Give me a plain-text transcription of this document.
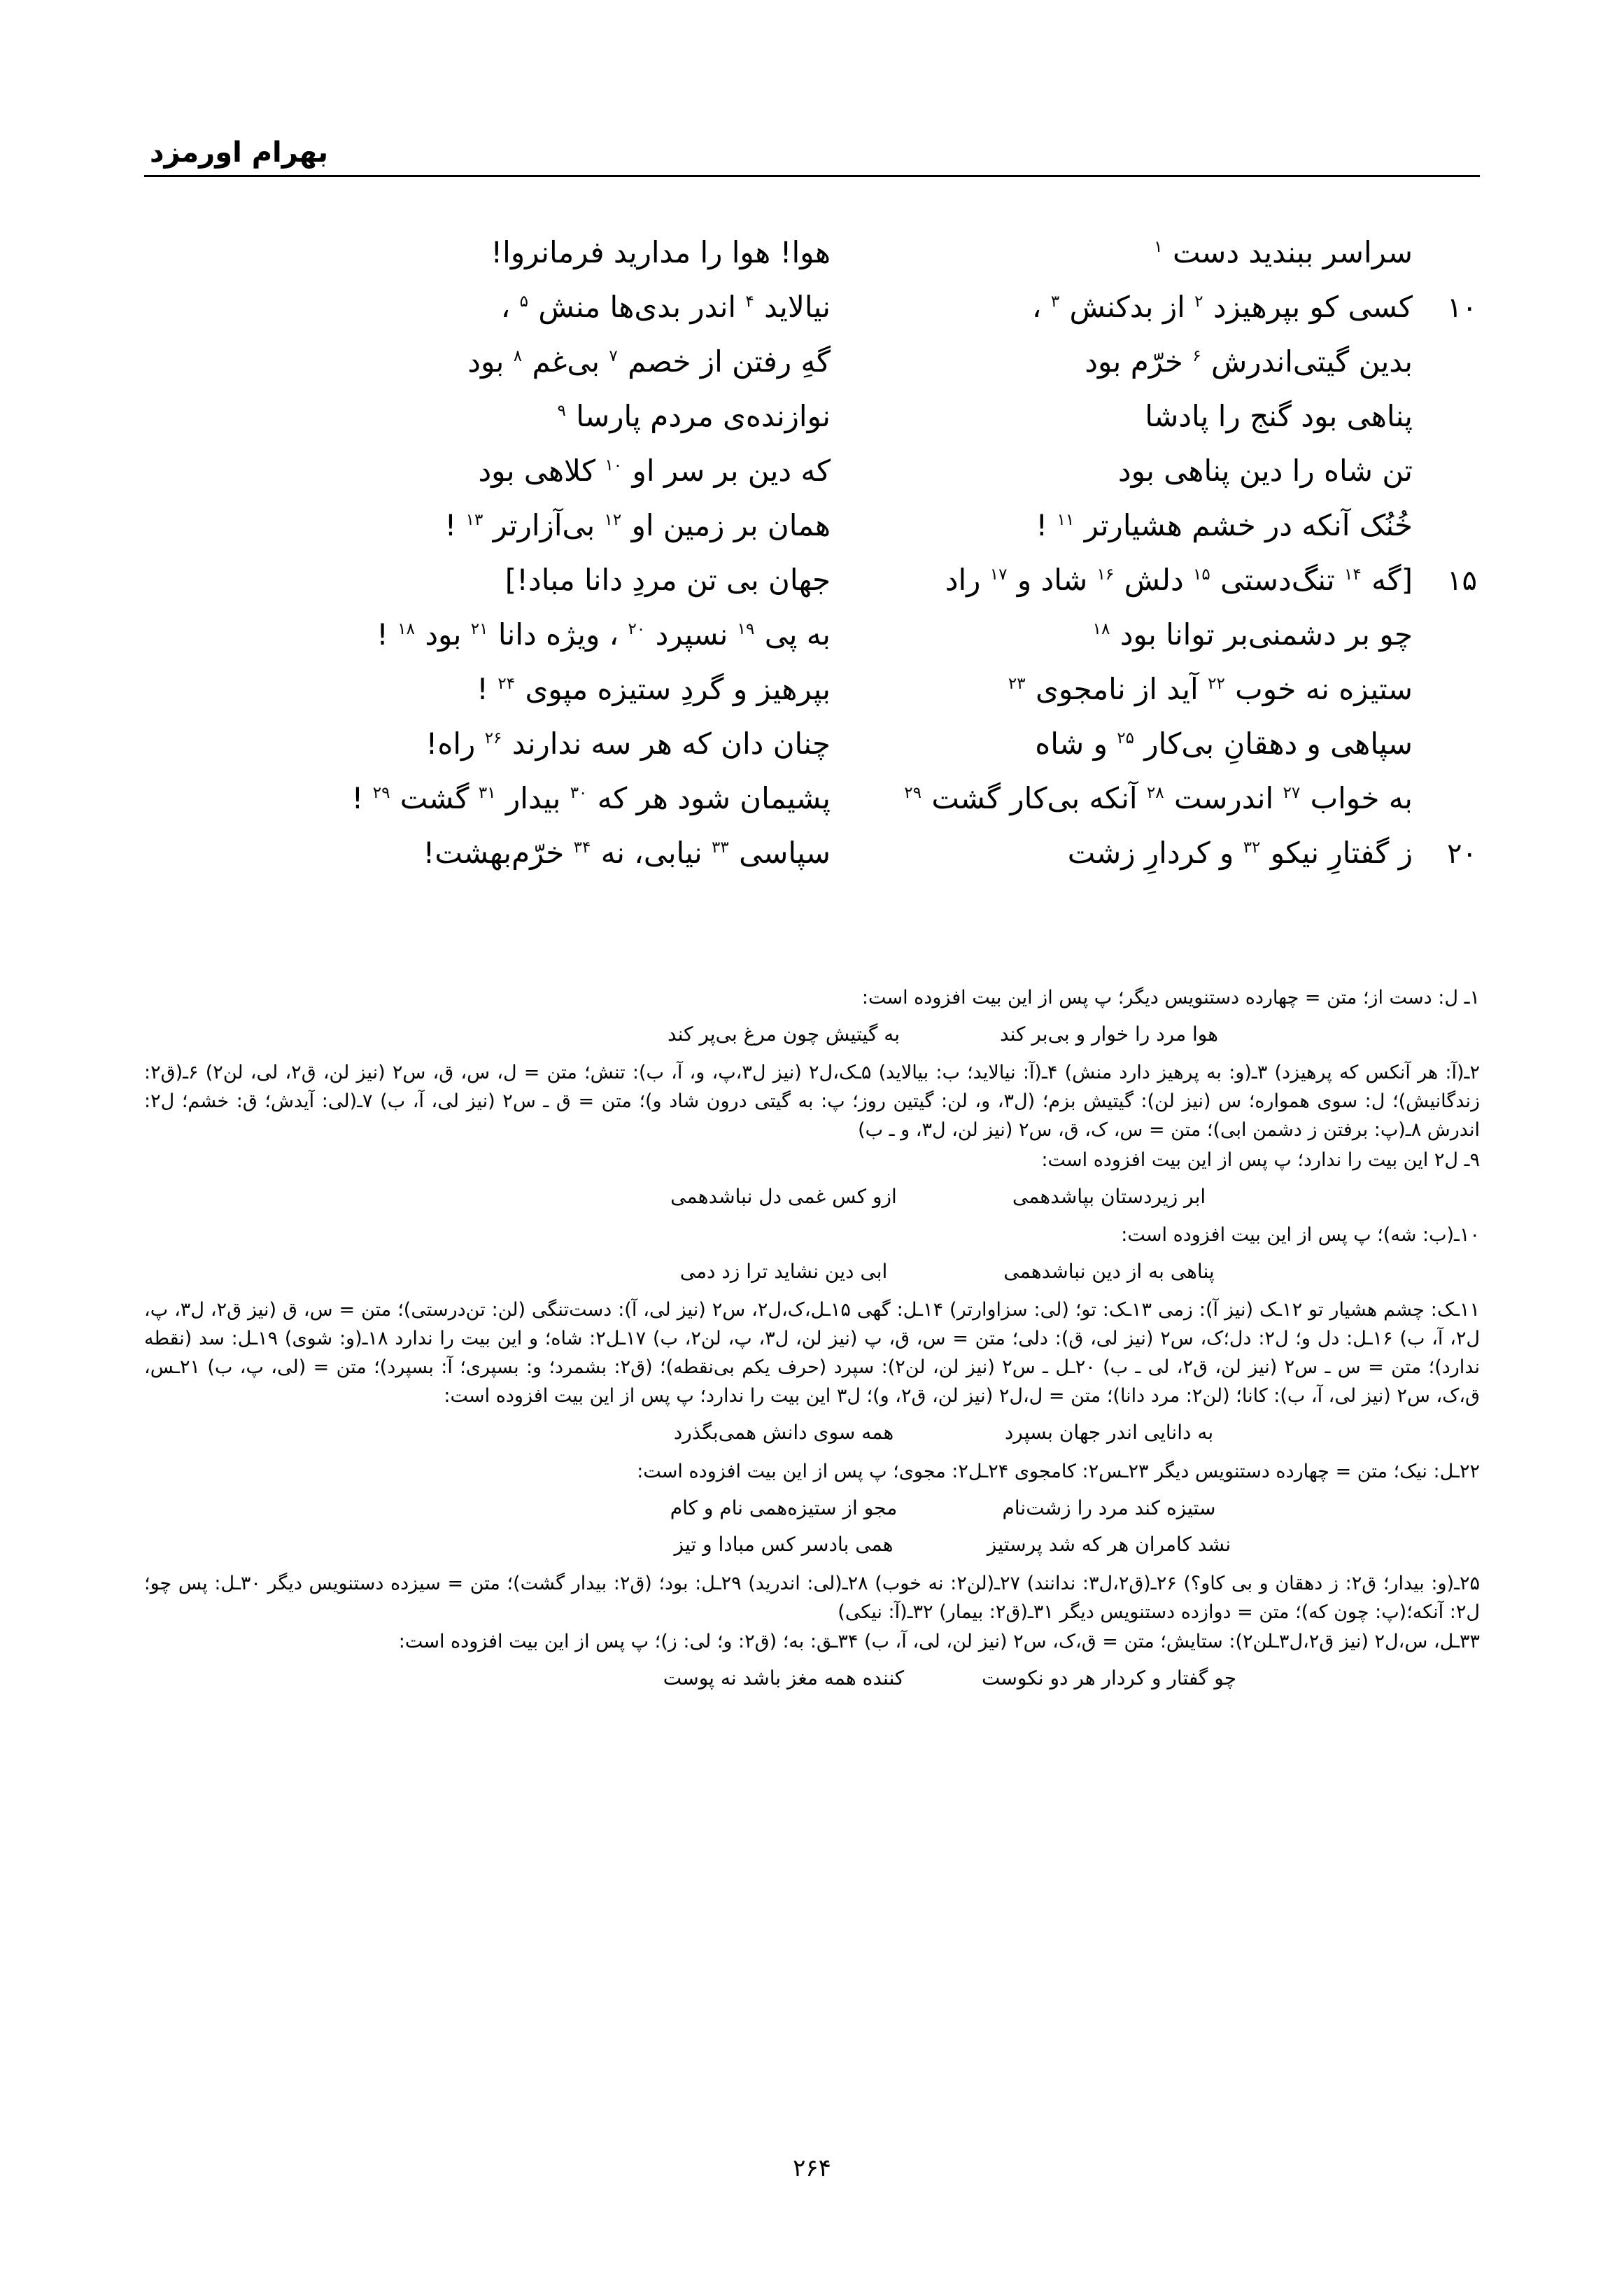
بهرام اورمزد
سراسر ببندید دست $^۱$
هوا! هوا را مدارید فرمانروا!
۱۰
کسی کو بپرهیزد $^۲$ از بدکنش $^۳$ ،
نیالاید $^۴$ اندر بدی‌ها منش $^۵$ ،
بدین گیتی‌اندرش $^۶$ خرّم بود
گهِ رفتن از خصم $^۷$ بی‌غم $^۸$ بود
پناهی بود گنج را پادشا
نوازنده‌ی مردم پارسا $^۹$
تن شاه را دین پناهی بود
که دین بر سر او $^{۱۰}$ کلاهی بود
خُنُک آنکه در خشم هشیارتر $^{۱۱}$ !
همان بر زمین او $^{۱۲}$ بی‌آزارتر $^{۱۳}$ !
۱۵
[گه $^{۱۴}$ تنگ‌دستی $^{۱۵}$ دلش $^{۱۶}$ شاد و $^{۱۷}$ راد
جهان بی تن مردِ دانا مباد!]
چو بر دشمنی‌بر توانا بود $^{۱۸}$
به پی $^{۱۹}$ نسپرد $^{۲۰}$ ، ویژه دانا $^{۲۱}$ بود $^{۱۸}$ !
ستیزه نه خوب $^{۲۲}$ آید از نامجوی $^{۲۳}$
بپرهیز و گردِ ستیزه مپوی $^{۲۴}$ !
سپاهی و دهقانِ بی‌کار $^{۲۵}$ و شاه
چنان دان که هر سه ندارند $^{۲۶}$ راه!
به خواب $^{۲۷}$ اندرست $^{۲۸}$ آنکه بی‌کار گشت $^{۲۹}$
پشیمان شود هر که $^{۳۰}$ بیدار $^{۳۱}$ گشت $^{۲۹}$ !
۲۰
ز گفتارِ نیکو $^{۳۲}$ و کردارِ زشت
سپاسی $^{۳۳}$ نیابی، نه $^{۳۴}$ خرّم‌بهشت!

۱ـ ل: دست از؛ متن = چهارده دستنویس دیگر؛ پ پس از این بیت افزوده است:

هوا مرد را خوار و بی‌بر کند
به گیتیش چون مرغ بی‌پر کند

۲ـ(آ: هر آنکس که پرهیزد) ۳ـ(و: به پرهیز دارد منش) ۴ـ(آ: نیالاید؛ ب: بیالاید) ۵ـک،ل۲ (نیز ل۳،پ، و، آ، ب): تنش؛ متن = ل، س، ق، س۲ (نیز لن، ق۲، لی، لن۲) ۶ـ(ق۲: زندگانیش)؛ ل: سوی همواره؛ س (نیز لن): گیتیش بزم؛ (ل۳، و، لن: گیتین روز؛ پ: به گیتی درون شاد و)؛ متن = ق ـ س۲ (نیز لی، آ، ب) ۷ـ(لی: آیدش؛ ق: خشم؛ ل۲: اندرش ۸ـ(پ: برفتن ز دشمن ابی)؛ متن = س، ک، ق، س۲ (نیز لن، ل۳، و ـ ب)

۹ـ ل۲ این بیت را ندارد؛ پ پس از این بیت افزوده است:

ابر زیردستان بپاشدهمی
ازو کس غمی دل نباشدهمی

۱۰ـ(ب: شه)؛ پ پس از این بیت افزوده است:

پناهی به از دین نباشدهمی
ابی دین نشاید ترا زد دمی

۱۱ـک: چشم هشیار تو ۱۲ـک (نیز آ): زمی ۱۳ـک: تو؛ (لی: سزاوارتر) ۱۴ـل: گهی ۱۵ـل،ک،ل۲، س۲ (نیز لی، آ): دست‌تنگی (لن: تن‌درستی)؛ متن = س، ق (نیز ق۲، ل۳، پ، ل۲، آ، ب) ۱۶ـل: دل و؛ ل۲: دل؛ک، س۲ (نیز لی، ق): دلی؛ متن = س، ق، پ (نیز لن، ل۳، پ، لن۲، ب) ۱۷ـل۲: شاه؛ و این بیت را ندارد ۱۸ـ(و: شوی) ۱۹ـل: سد (نقطه ندارد)؛ متن = س ـ س۲ (نیز لن، ق۲، لی ـ ب) ۲۰ـل ـ س۲ (نیز لن، لن۲): سپرد (حرف یکم بی‌نقطه)؛ (ق۲: بشمرد؛ و: بسپری؛ آ: بسپرد)؛ متن = (لی، پ، ب) ۲۱ـس، ق،ک، س۲ (نیز لی، آ، ب): کانا؛ (لن۲: مرد دانا)؛ متن = ل،ل۲ (نیز لن، ق۲، و)؛ ل۳ این بیت را ندارد؛ پ پس از این بیت افزوده است:

به دانایی اندر جهان بسپرد
همه سوی دانش همی‌بگذرد

۲۲ـل: نیک؛ متن = چهارده دستنویس دیگر ۲۳ـس۲: کامجوی ۲۴ـل۲: مجوی؛ پ پس از این بیت افزوده است:

ستیزه کند مرد را زشت‌نام
مجو از ستیزه‌همی نام و کام
نشد کامران هر که شد پرستیز
همی بادسر کس مبادا و تیز

۲۵ـ(و: بیدار؛ ق۲: ز دهقان و بی کاو؟) ۲۶ـ(ق۲،ل۳: ندانند) ۲۷ـ(لن۲: نه خوب) ۲۸ـ(لی: اندرید) ۲۹ـل: بود؛ (ق۲: بیدار گشت)؛ متن = سیزده دستنویس دیگر ۳۰ـل: پس چو؛ل۲: آنکه؛(پ: چون که)؛ متن = دوازده دستنویس دیگر ۳۱ـ(ق۲: بیمار) ۳۲ـ(آ: نیکی)

۳۳ـل، س،ل۲ (نیز ق۲،ل۳ـلن۲): ستایش؛ متن = ق،ک، س۲ (نیز لن، لی، آ، ب) ۳۴ـق: به؛ (ق۲: و؛ لی: ز)؛ پ پس از این بیت افزوده است:

چو گفتار و کردار هر دو نکوست
کننده همه مغز باشد نه پوست
۲۶۴
